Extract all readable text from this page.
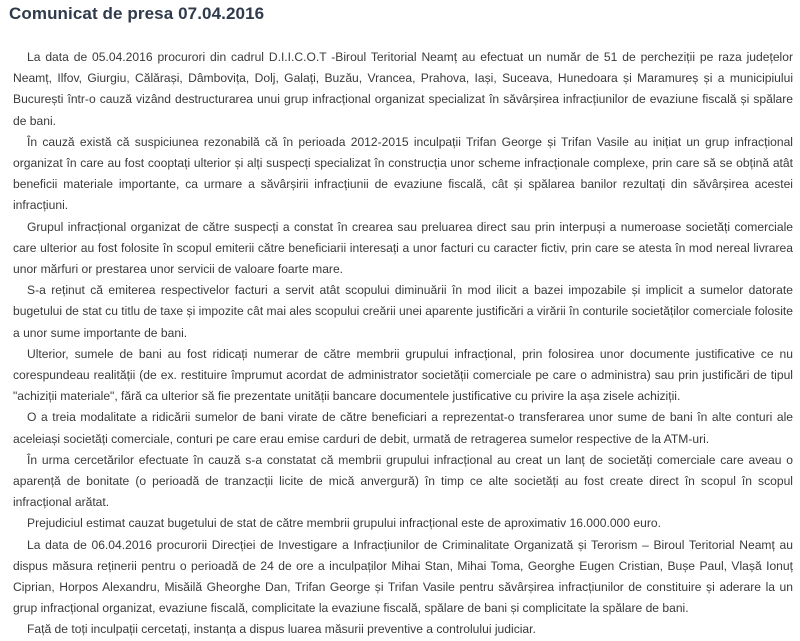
Comunicat de presa 07.04.2016

La data de 05.04.2016 procurori din cadrul D.I.I.C.O.T -Biroul Teritorial Neamț au efectuat un număr de 51 de percheziții pe raza județelor Neamț, Ilfov, Giurgiu, Călărași, Dâmbovița, Dolj, Galați, Buzău, Vrancea, Prahova, Iași, Suceava, Hunedoara și Maramureș și a municipiului București într-o cauză vizând destructurarea unui grup infracțional organizat specializat în săvârșirea infracțiunilor de evaziune fiscală și spălare de bani.

În cauză există că suspiciunea rezonabilă că în perioada 2012-2015 inculpații Trifan George și Trifan Vasile au inițiat un grup infracțional organizat în care au fost cooptați ulterior și alți suspecți specializat în construcția unor scheme infracționale complexe, prin care să se obțină atât beneficii materiale importante, ca urmare a săvârșirii infracțiunii de evaziune fiscală, cât și spălarea banilor rezultați din săvârșirea acestei infracțiuni.

Grupul infracțional organizat de către suspecți a constat în crearea sau preluarea direct sau prin interpuși a numeroase societăți comerciale care ulterior au fost folosite în scopul emiterii către beneficiarii interesați a unor facturi cu caracter fictiv, prin care se atesta în mod nereal livrarea unor mărfuri or prestarea unor servicii de valoare foarte mare.

S-a reținut că emiterea respectivelor facturi a servit atât scopului diminuării în mod ilicit a bazei impozabile și implicit a sumelor datorate bugetului de stat cu titlu de taxe și impozite cât mai ales scopului creării unei aparente justificări a virării în conturile societăților comerciale folosite a unor sume importante de bani.

Ulterior, sumele de bani au fost ridicați numerar de către membrii grupului infracțional, prin folosirea unor documente justificative ce nu corespundeau realității (de ex. restituire împrumut acordat de administrator societății comerciale pe care o administra) sau prin justificări de tipul "achiziții materiale", fără ca ulterior să fie prezentate unității bancare documentele justificative cu privire la așa zisele achiziții.

O a treia modalitate a ridicării sumelor de bani virate de către beneficiari a reprezentat-o transferarea unor sume de bani în alte conturi ale aceleiași societăți comerciale, conturi pe care erau emise carduri de debit, urmată de retragerea sumelor respective de la ATM-uri.

În urma cercetărilor efectuate în cauză s-a constatat că membrii grupului infracțional au creat un lanț de societăți comerciale care aveau o aparență de bonitate (o perioadă de tranzacții licite de mică anvergură) în timp ce alte societăți au fost create direct în scopul în scopul infracțional arătat.

Prejudiciul estimat cauzat bugetului de stat de către membrii grupului infracțional este de aproximativ 16.000.000 euro.

La data de 06.04.2016 procurorii Direcției de Investigare a Infracțiunilor de Criminalitate Organizată și Terorism – Biroul Teritorial Neamț au dispus măsura reținerii pentru o perioadă de 24 de ore a inculpaților Mihai Stan, Mihai Toma, Georghe Eugen Cristian, Bușe Paul, Vlașă Ionuț Ciprian, Horpos Alexandru, Misăilă Gheorghe Dan, Trifan George și Trifan Vasile pentru săvârșirea infracțiunilor de constituire și aderare la un grup infracțional organizat, evaziune fiscală, complicitate la evaziune fiscală, spălare de bani și complicitate la spălare de bani.

Față de toți inculpații cercetați, instanța a dispus luarea măsurii preventive a controlului judiciar.
